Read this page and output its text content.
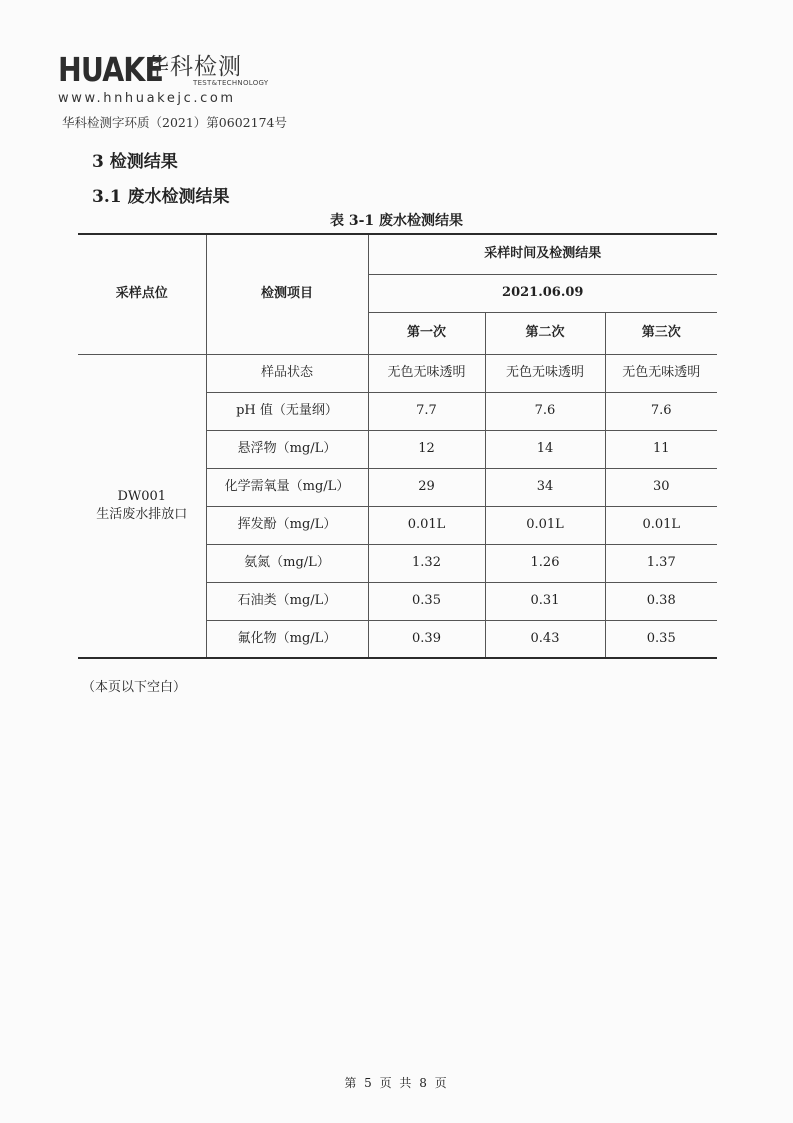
HUAKE
华科检测
TEST&TECHNOLOGY
www.hnhuakejc.com
华科检测字环质（2021）第0602174号
3 检测结果
3.1 废水检测结果
表 3-1 废水检测结果
采样点位	检测项目	采样时间及检测结果		
		2021.06.09		
		第一次	第二次	第三次

DW001
生活废水排放口	样品状态	无色无味透明	无色无味透明	无色无味透明
	pH 值（无量纲）	7.7	7.6	7.6
	悬浮物（mg/L）	12	14	11
	化学需氧量（mg/L）	29	34	30
	挥发酚（mg/L）	0.01L	0.01L	0.01L
	氨氮（mg/L）	1.32	1.26	1.37
	石油类（mg/L）	0.35	0.31	0.38
	氟化物（mg/L）	0.39	0.43	0.35
（本页以下空白）
第 5 页 共 8 页
